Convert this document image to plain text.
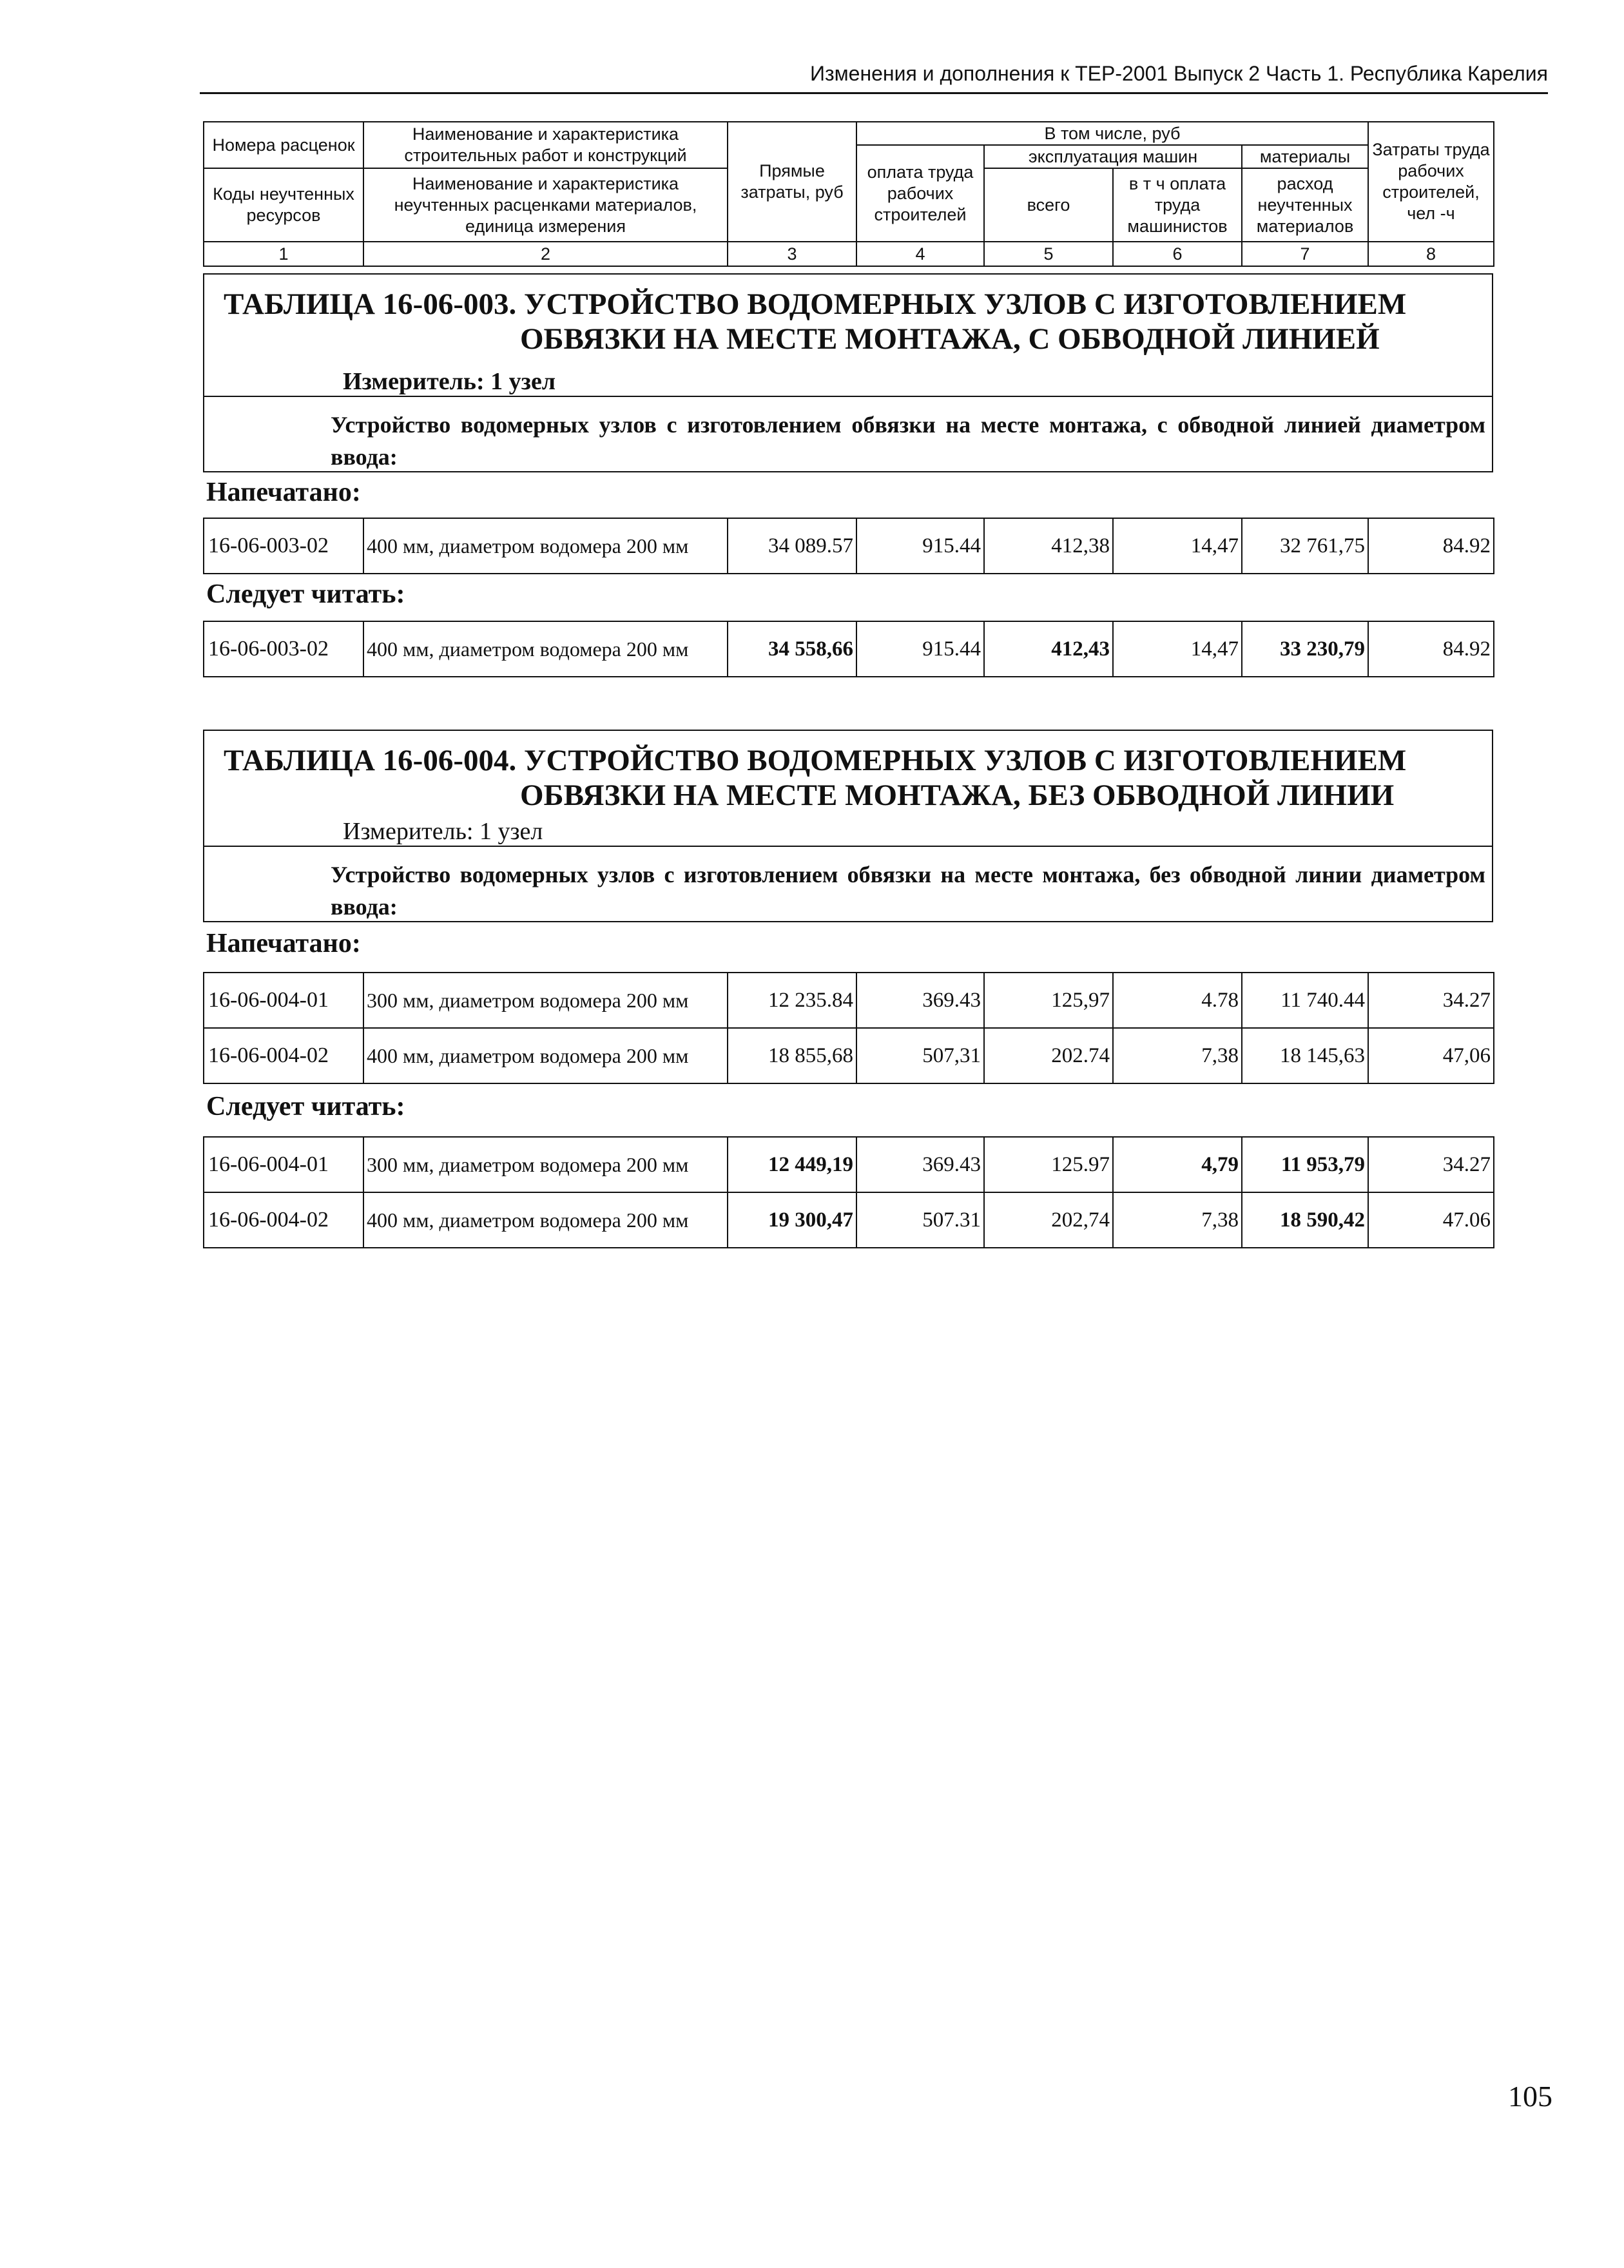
Изменения и дополнения к ТЕР-2001 Выпуск 2 Часть 1. Республика Карелия
Номера расценок	Наименование и характеристика строительных работ и конструкций	Прямые затраты, руб	В том числе, руб				Затраты труда рабочих строителей, чел -ч
			оплата труда рабочих строителей	эксплуатация машин		материалы	
Коды неучтенных ресурсов	Наименование и характеристика неучтенных расценками материалов, единица измерения			всего	в т ч оплата труда машинистов	расход неучтенных материалов	

1	2	3	4	5	6	7	8
ТАБЛИЦА 16-06-003. УСТРОЙСТВО ВОДОМЕРНЫХ УЗЛОВ С ИЗГОТОВЛЕНИЕМ
ОБВЯЗКИ НА МЕСТЕ МОНТАЖА, С ОБВОДНОЙ ЛИНИЕЙ
Измеритель: 1 узел
Устройство водомерных узлов с изготовлением обвязки на месте монтажа, с обводной линией диаметром ввода:
Напечатано:
16-06-003-02	400 мм, диаметром водомера 200 мм	34 089.57	915.44	412,38	14,47	32 761,75	84.92
Следует читать:
16-06-003-02	400 мм, диаметром водомера 200 мм	34 558,66	915.44	412,43	14,47	33 230,79	84.92
ТАБЛИЦА 16-06-004. УСТРОЙСТВО ВОДОМЕРНЫХ УЗЛОВ С ИЗГОТОВЛЕНИЕМ
ОБВЯЗКИ НА МЕСТЕ МОНТАЖА, БЕЗ ОБВОДНОЙ ЛИНИИ
Измеритель: 1 узел
Устройство водомерных узлов с изготовлением обвязки на месте монтажа, без обводной линии диаметром ввода:
Напечатано:
16-06-004-01	300 мм, диаметром водомера 200 мм	12 235.84	369.43	125,97	4.78	11 740.44	34.27
16-06-004-02	400 мм, диаметром водомера 200 мм	18 855,68	507,31	202.74	7,38	18 145,63	47,06
Следует читать:
16-06-004-01	300 мм, диаметром водомера 200 мм	12 449,19	369.43	125.97	4,79	11 953,79	34.27
16-06-004-02	400 мм, диаметром водомера 200 мм	19 300,47	507.31	202,74	7,38	18 590,42	47.06
105
